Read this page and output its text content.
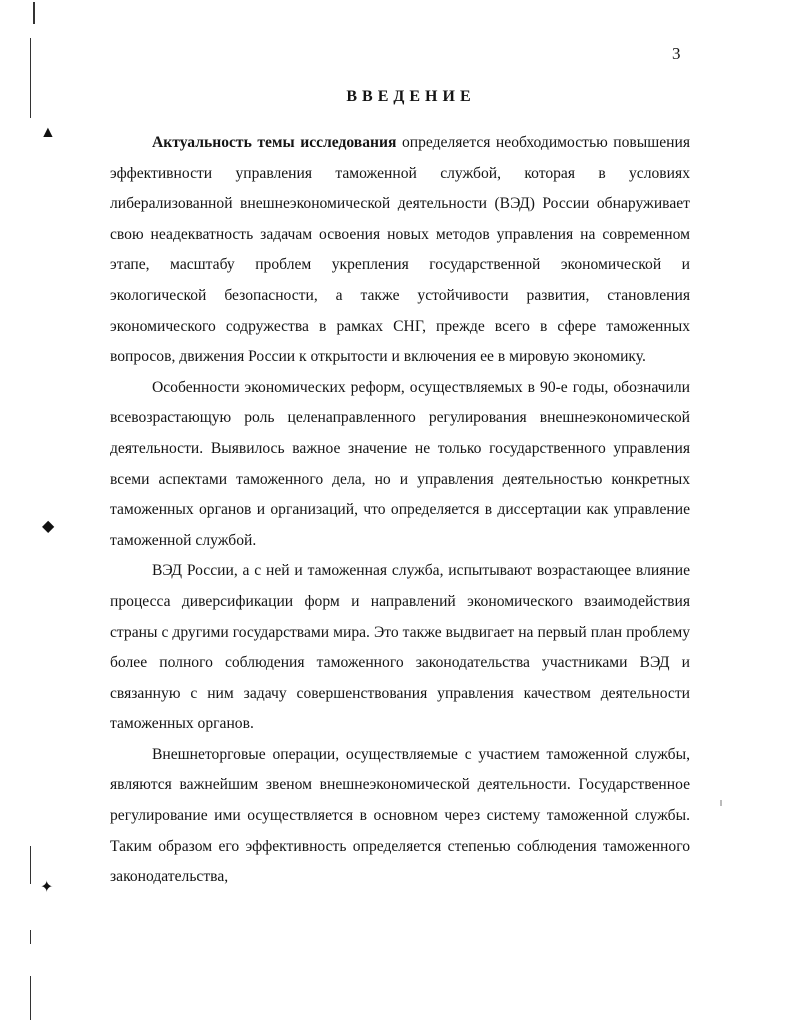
▲
◆
✦
3
ВВЕДЕНИЕ

Актуальность темы исследования определяется необходимостью повышения эффективности управления таможенной службой, которая в условиях либерализованной внешнеэкономической деятельности (ВЭД) России обнаруживает свою неадекватность задачам освоения новых методов управления на современном этапе, масштабу проблем укрепления государственной экономической и экологической безопасности, а также устойчивости развития, становления экономического содружества в рамках СНГ, прежде всего в сфере таможенных вопросов, движения России к открытости и включения ее в мировую экономику.

Особенности экономических реформ, осуществляемых в 90-е годы, обозначили всевозрастающую роль целенаправленного регулирования внешнеэкономической деятельности. Выявилось важное значение не только государственного управления всеми аспектами таможенного дела, но и управления деятельностью конкретных таможенных органов и организаций, что определяется в диссертации как управление таможенной службой.

ВЭД России, а с ней и таможенная служба, испытывают возрастающее влияние процесса диверсификации форм и направлений экономического взаимодействия страны с другими государствами мира. Это также выдвигает на первый план проблему более полного соблюдения таможенного законодательства участниками ВЭД и связанную с ним задачу совершенствования управления качеством деятельности таможенных органов.

Внешнеторговые операции, осуществляемые с участием таможенной службы, являются важнейшим звеном внешнеэкономической деятельности. Государственное регулирование ими осуществляется в основном через систему таможенной службы. Таким образом его эффективность определяется степенью соблюдения таможенного законодательства,
